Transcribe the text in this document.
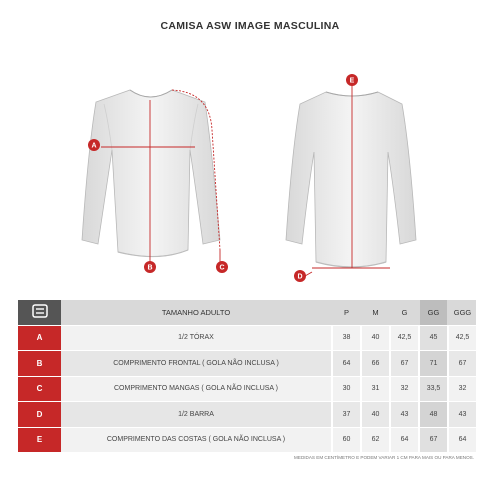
CAMISA ASW IMAGE MASCULINA
A
B	C
E
D
	TAMANHO ADULTO		P		M		G		GG		GGG
A	1/2 TÓRAX		38		40		42,5		45		42,5
B	COMPRIMENTO FRONTAL ( GOLA NÃO INCLUSA )		64		66		67		71		67
C	COMPRIMENTO MANGAS ( GOLA NÃO INCLUSA )		30		31		32		33,5		32
D	1/2 BARRA		37		40		43		48		43
E	COMPRIMENTO DAS COSTAS ( GOLA NÃO INCLUSA )		60		62		64		67		64
MEDIDAS EM CENTÍMETRO E PODEM VARIAR 1 CM PARA MAIS OU PARA MENOS.
